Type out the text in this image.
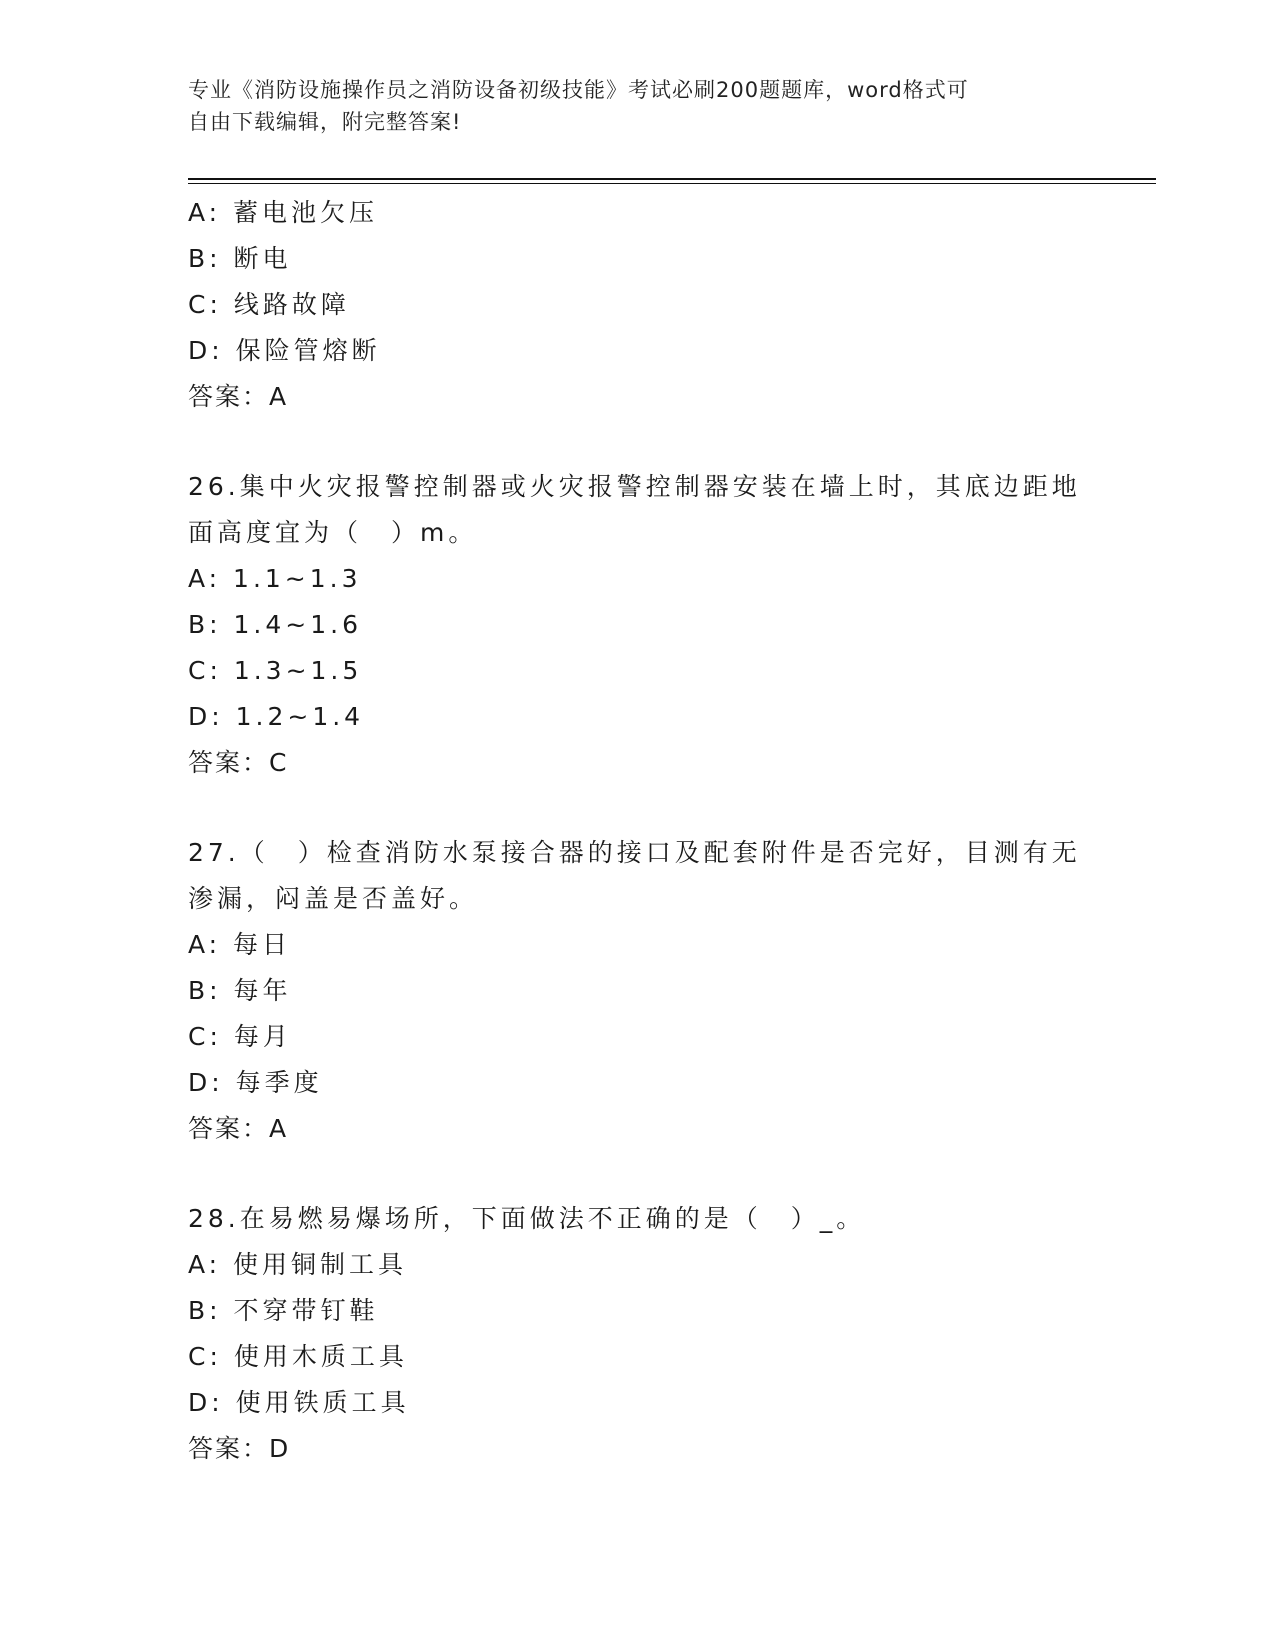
专业《消防设施操作员之消防设备初级技能》考试必刷200题题库，word格式可
自由下载编辑，附完整答案!
A: 蓄电池欠压
B: 断电
C: 线路故障
D: 保险管熔断
答案：A
26.集中火灾报警控制器或火灾报警控制器安装在墙上时，其底边距地
面高度宜为（　）m。
A: 1.1~1.3
B: 1.4~1.6
C: 1.3~1.5
D: 1.2~1.4
答案：C
27.（　）检查消防水泵接合器的接口及配套附件是否完好，目测有无
渗漏，闷盖是否盖好。
A: 每日
B: 每年
C: 每月
D: 每季度
答案：A
28.在易燃易爆场所，下面做法不正确的是（　）_。
A: 使用铜制工具
B: 不穿带钉鞋
C: 使用木质工具
D: 使用铁质工具
答案：D
